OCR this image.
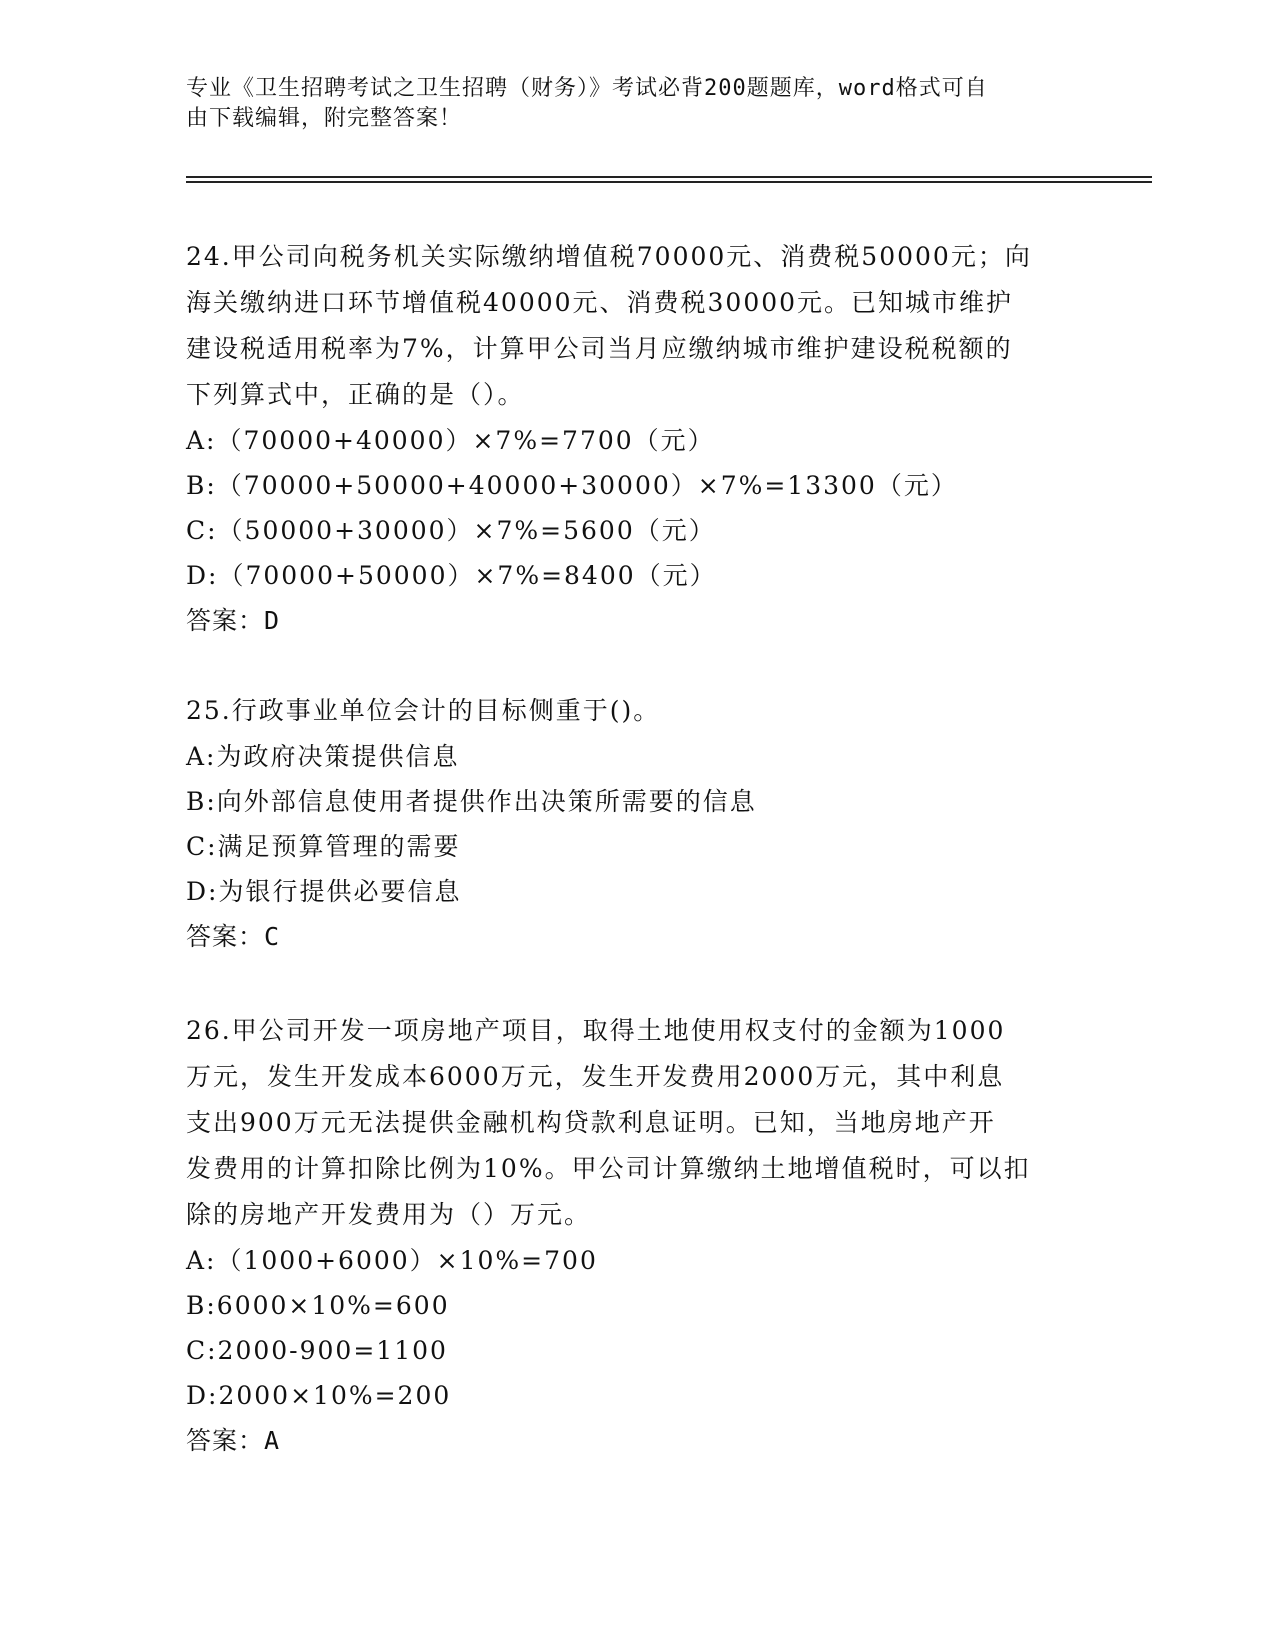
专业《卫生招聘考试之卫生招聘（财务）》考试必背200题题库，word格式可自
由下载编辑，附完整答案！
24.甲公司向税务机关实际缴纳增值税70000元、消费税50000元；向
海关缴纳进口环节增值税40000元、消费税30000元。已知城市维护
建设税适用税率为7%，计算甲公司当月应缴纳城市维护建设税税额的
下列算式中，正确的是（）。
A:（70000+40000）×7%=7700（元）
B:（70000+50000+40000+30000）×7%=13300（元）
C:（50000+30000）×7%=5600（元）
D:（70000+50000）×7%=8400（元）
答案：D
25.行政事业单位会计的目标侧重于()。
A:为政府决策提供信息
B:向外部信息使用者提供作出决策所需要的信息
C:满足预算管理的需要
D:为银行提供必要信息
答案：C
26.甲公司开发一项房地产项目，取得土地使用权支付的金额为1000
万元，发生开发成本6000万元，发生开发费用2000万元，其中利息
支出900万元无法提供金融机构贷款利息证明。已知，当地房地产开
发费用的计算扣除比例为10%。甲公司计算缴纳土地增值税时，可以扣
除的房地产开发费用为（）万元。
A:（1000+6000）×10%=700
B:6000×10%=600
C:2000-900=1100
D:2000×10%=200
答案：A
